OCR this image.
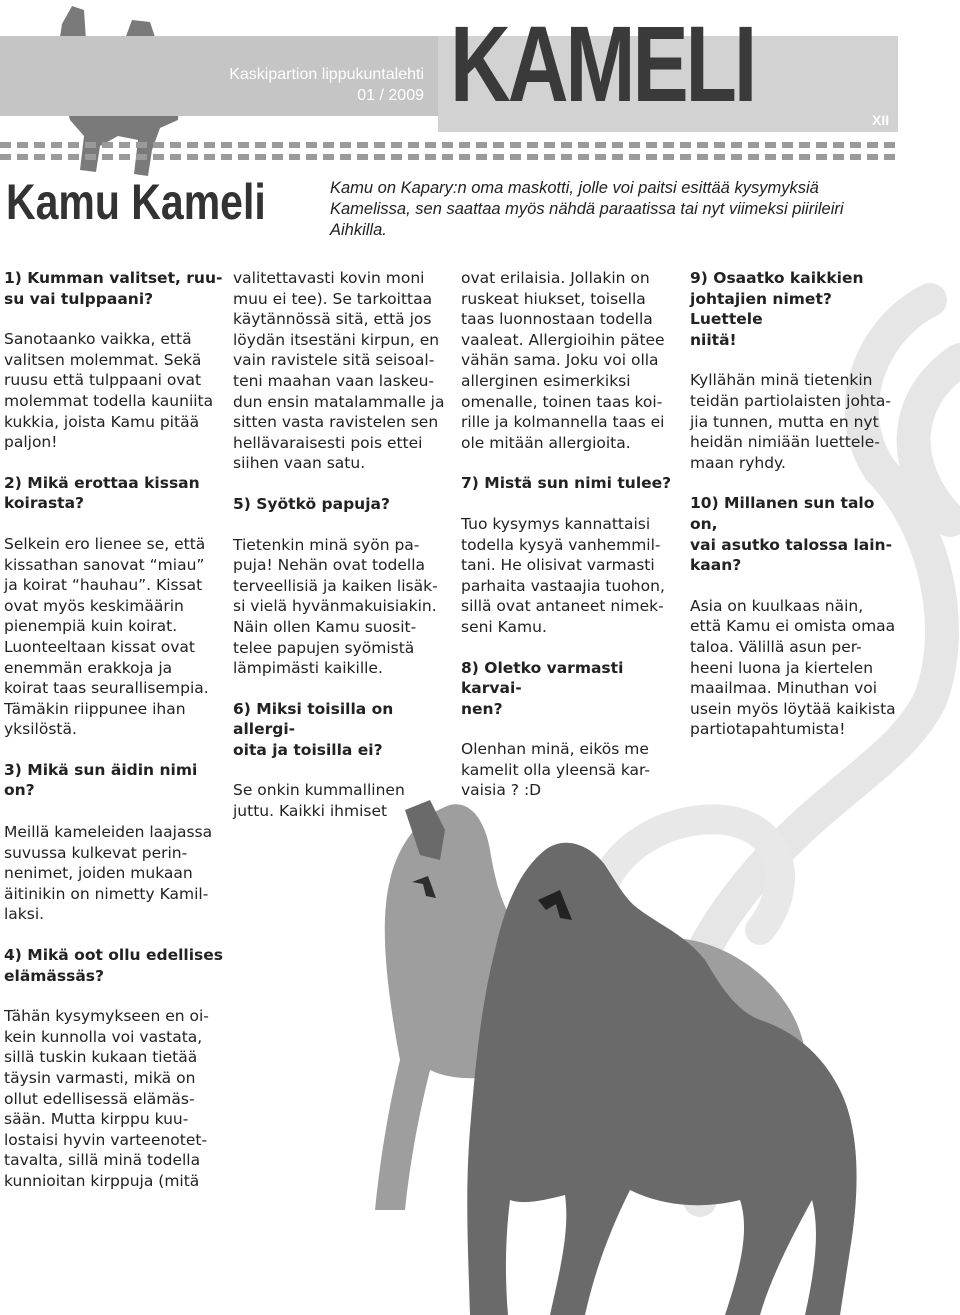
Kaskipartion lippukuntalehti
01 / 2009 KAMELI	XII
Kamu Kameli	Kamu on Kapary:n oma maskotti, jolle voi paitsi esittää kysymyksiä Kamelissa, sen saattaa myös nähdä paraatissa tai nyt viimeksi piirileiri Aihkilla.

1) Kumman valitset, ruu-
su vai tulppaani?

Sanotaanko vaikka, että
valitsen molemmat. Sekä
ruusu että tulppaani ovat
molemmat todella kauniita
kukkia, joista Kamu pitää
paljon!

2) Mikä erottaa kissan
koirasta?

Selkein ero lienee se, että
kissathan sanovat “miau”
ja koirat “hauhau”. Kissat
ovat myös keskimäärin
pienempiä kuin koirat.
Luonteeltaan kissat ovat
enemmän erakkoja ja
koirat taas seurallisempia.
Tämäkin riippunee ihan
yksilöstä.

3) Mikä sun äidin nimi on?

Meillä kameleiden laajassa
suvussa kulkevat perin-
nenimet, joiden mukaan
äitinikin on nimetty Kamil-
laksi.

4) Mikä oot ollu edellises
elämässäs?

Tähän kysymykseen en oi-
kein kunnolla voi vastata,
sillä tuskin kukaan tietää
täysin varmasti, mikä on
ollut edellisessä elämäs-
sään. Mutta kirppu kuu-
lostaisi hyvin varteenotet-
tavalta, sillä minä todella
kunnioitan kirppuja (mitä

valitettavasti kovin moni
muu ei tee). Se tarkoittaa
käytännössä sitä, että jos
löydän itsestäni kirpun, en
vain ravistele sitä seisoal-
teni maahan vaan laskeu-
dun ensin matalammalle ja
sitten vasta ravistelen sen
hellävaraisesti pois ettei
siihen vaan satu.

5) Syötkö papuja?

Tietenkin minä syön pa-
puja! Nehän ovat todella
terveellisiä ja kaiken lisäk-
si vielä hyvänmakuisiakin.
Näin ollen Kamu suosit-
telee papujen syömistä
lämpimästi kaikille.

6) Miksi toisilla on allergi-
oita ja toisilla ei?

Se onkin kummallinen
juttu. Kaikki ihmiset

ovat erilaisia. Jollakin on
ruskeat hiukset, toisella
taas luonnostaan todella
vaaleat. Allergioihin pätee
vähän sama. Joku voi olla
allerginen esimerkiksi
omenalle, toinen taas koi-
rille ja kolmannella taas ei
ole mitään allergioita.

7) Mistä sun nimi tulee?

Tuo kysymys kannattaisi
todella kysyä vanhemmil-
tani. He olisivat varmasti
parhaita vastaajia tuohon,
sillä ovat antaneet nimek-
seni Kamu.

8) Oletko varmasti karvai-
nen?

Olenhan minä, eikös me
kamelit olla yleensä kar-
vaisia ? :D

9) Osaatko kaikkien
johtajien nimet? Luettele
niitä!

Kyllähän minä tietenkin
teidän partiolaisten johta-
jia tunnen, mutta en nyt
heidän nimiään luettele-
maan ryhdy.

10) Millanen sun talo on,
vai asutko talossa lain-
kaan?

Asia on kuulkaas näin,
että Kamu ei omista omaa
taloa. Välillä asun per-
heeni luona ja kiertelen
maailmaa. Minuthan voi
usein myös löytää kaikista
partiotapahtumista!
